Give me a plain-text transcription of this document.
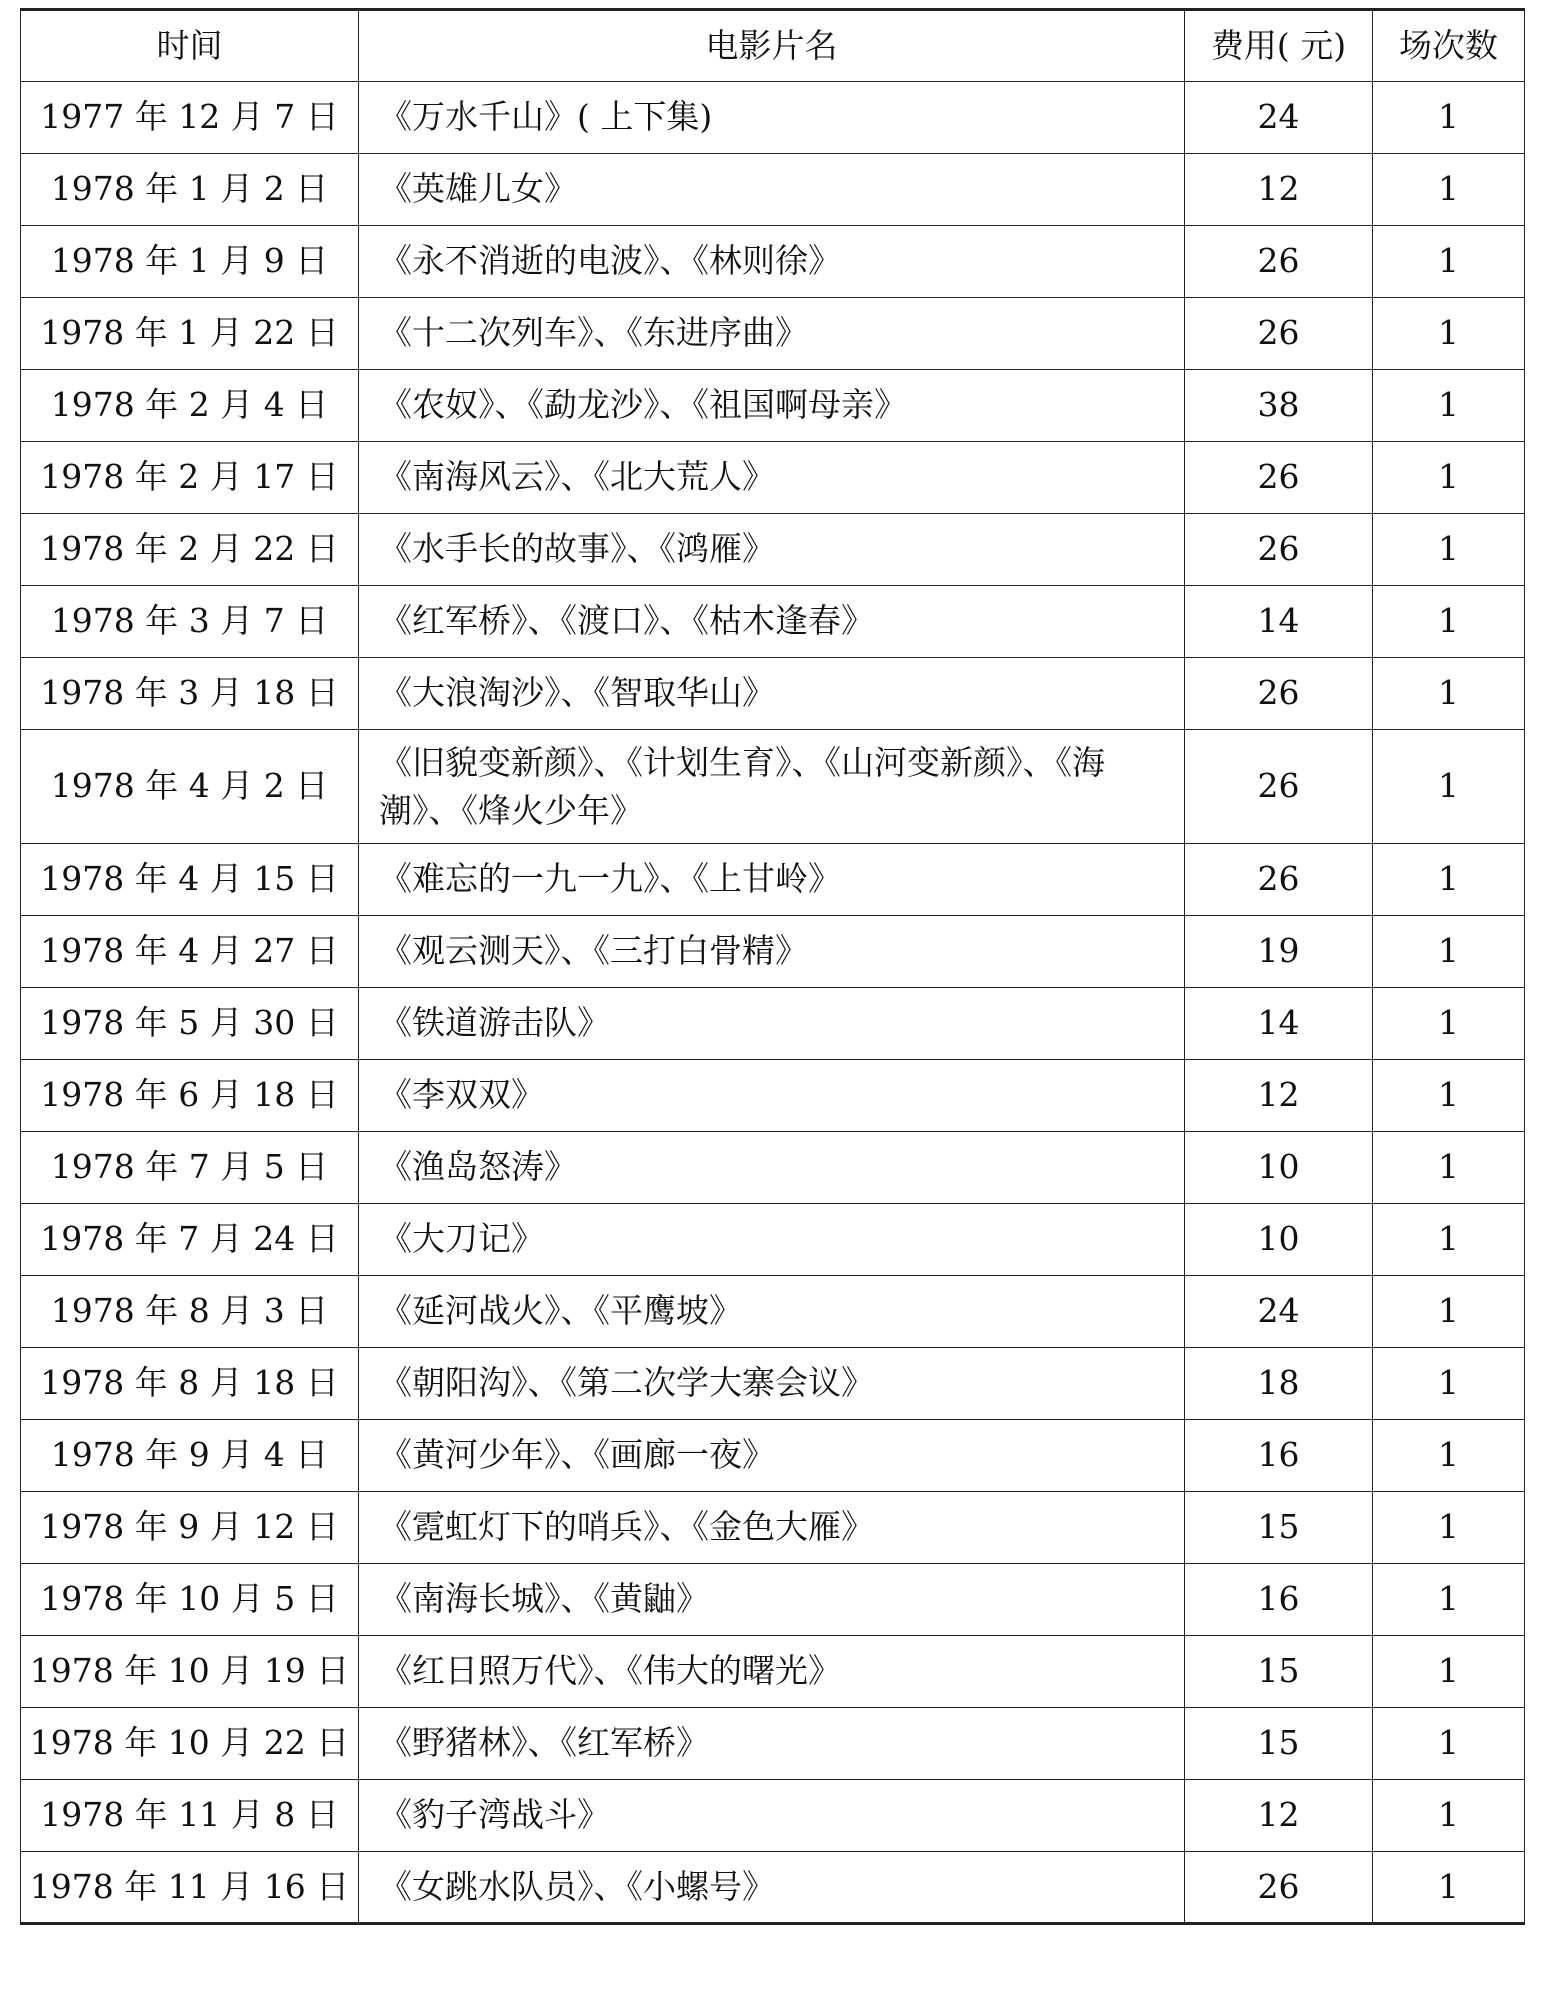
时间	电影片名	费用( 元)	场次数
1977 年 12 月 7 日	《万水千山》( 上下集)	24	1
1978 年 1 月 2 日	《英雄儿女》	12	1
1978 年 1 月 9 日	《永不消逝的电波》、《林则徐》	26	1
1978 年 1 月 22 日	《十二次列车》、《东进序曲》	26	1
1978 年 2 月 4 日	《农奴》、《勐龙沙》、《祖国啊母亲》	38	1
1978 年 2 月 17 日	《南海风云》、《北大荒人》	26	1
1978 年 2 月 22 日	《水手长的故事》、《鸿雁》	26	1
1978 年 3 月 7 日	《红军桥》、《渡口》、《枯木逢春》	14	1
1978 年 3 月 18 日	《大浪淘沙》、《智取华山》	26	1
1978 年 4 月 2 日	《旧貌变新颜》、《计划生育》、《山河变新颜》、《海潮》、《烽火少年》	26	1
1978 年 4 月 15 日	《难忘的一九一九》、《上甘岭》	26	1
1978 年 4 月 27 日	《观云测天》、《三打白骨精》	19	1
1978 年 5 月 30 日	《铁道游击队》	14	1
1978 年 6 月 18 日	《李双双》	12	1
1978 年 7 月 5 日	《渔岛怒涛》	10	1
1978 年 7 月 24 日	《大刀记》	10	1
1978 年 8 月 3 日	《延河战火》、《平鹰坡》	24	1
1978 年 8 月 18 日	《朝阳沟》、《第二次学大寨会议》	18	1
1978 年 9 月 4 日	《黄河少年》、《画廊一夜》	16	1
1978 年 9 月 12 日	《霓虹灯下的哨兵》、《金色大雁》	15	1
1978 年 10 月 5 日	《南海长城》、《黄鼬》	16	1
1978 年 10 月 19 日	《红日照万代》、《伟大的曙光》	15	1
1978 年 10 月 22 日	《野猪林》、《红军桥》	15	1
1978 年 11 月 8 日	《豹子湾战斗》	12	1
1978 年 11 月 16 日	《女跳水队员》、《小螺号》	26	1
